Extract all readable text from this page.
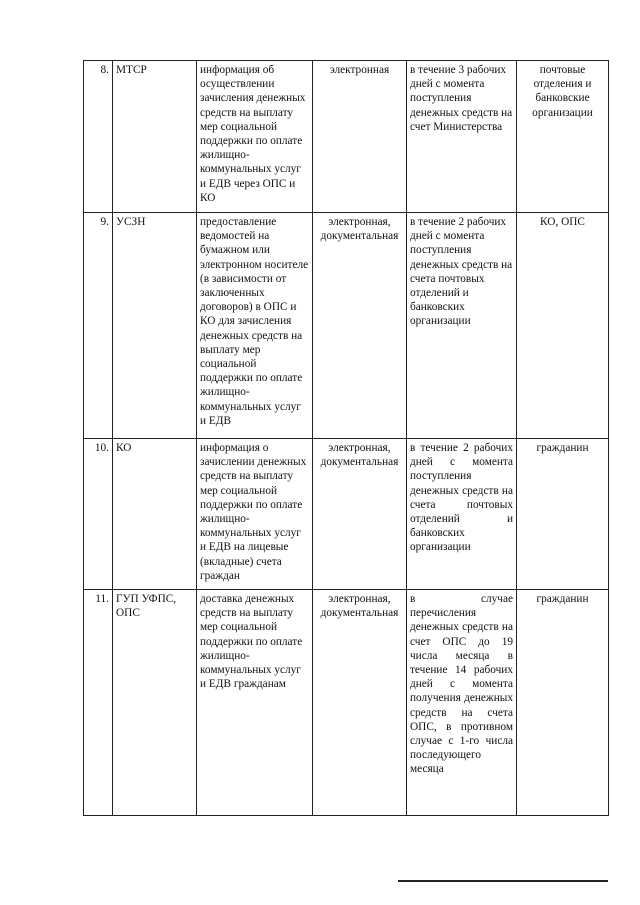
8.	МТСР	информация об осуществлении зачисления денежных средств на выплату мер социальной поддержки по оплате жилищно-коммунальных услуг и ЕДВ через ОПС и КО	электронная	в течение 3 рабочих дней с момента поступления денежных средств на счет Министерства	почтовые отделения и банковские организации
9.	УСЗН	предоставление ведомостей на бумажном или электронном носителе (в зависимости от заключенных договоров) в ОПС и КО для зачисления денежных средств на выплату мер социальной поддержки по оплате жилищно-коммунальных услуг и ЕДВ	электронная, документальная	в течение 2 рабочих дней с момента поступления денежных средств на счета почтовых отделений и банковских организации	КО, ОПС
10.	КО	информация о зачислении денежных средств на выплату мер социальной поддержки по оплате жилищно-коммунальных услуг и ЕДВ на лицевые (вкладные) счета граждан	электронная, документальная	в течение 2 рабочих дней с момента поступления денежных средств на счета почтовых отделений и банковских организации	гражданин
11.	ГУП УФПС, ОПС	доставка денежных средств на выплату мер социальной поддержки по оплате жилищно-коммунальных услуг и ЕДВ гражданам	электронная, документальная	в случае перечисления денежных средств на счет ОПС до 19 числа месяца в течение 14 рабочих дней с момента получения денежных средств на счета ОПС, в противном случае с 1-го числа последующего месяца	гражданин
